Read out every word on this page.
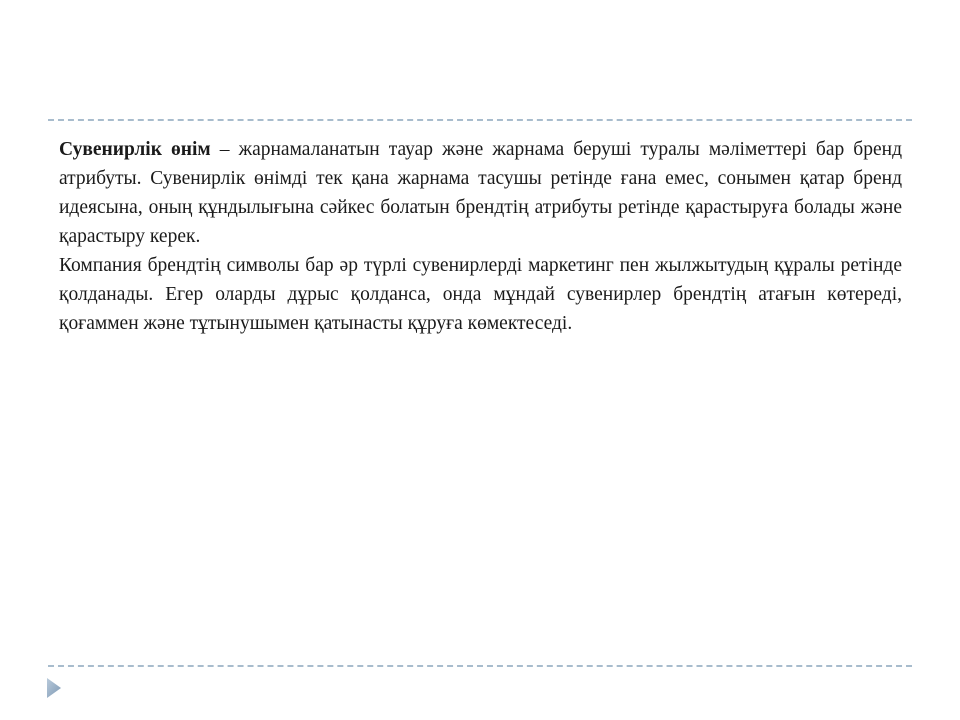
Сувенирлік өнім – жарнамаланатын тауар және жарнама беруші туралы мәліметтері бар бренд атрибуты. Сувенирлік өнімді тек қана жарнама тасушы ретінде ғана емес, сонымен қатар бренд идеясына, оның құндылығына сәйкес болатын брендтің атрибуты ретінде қарастыруға болады және қарастыру керек.

Компания брендтің символы бар әр түрлі сувенирлерді маркетинг пен жылжытудың құралы ретінде қолданады. Егер оларды дұрыс қолданса, онда мұндай сувенирлер брендтің атағын көтереді, қоғаммен және тұтынушымен қатынасты құруға көмектеседі.
